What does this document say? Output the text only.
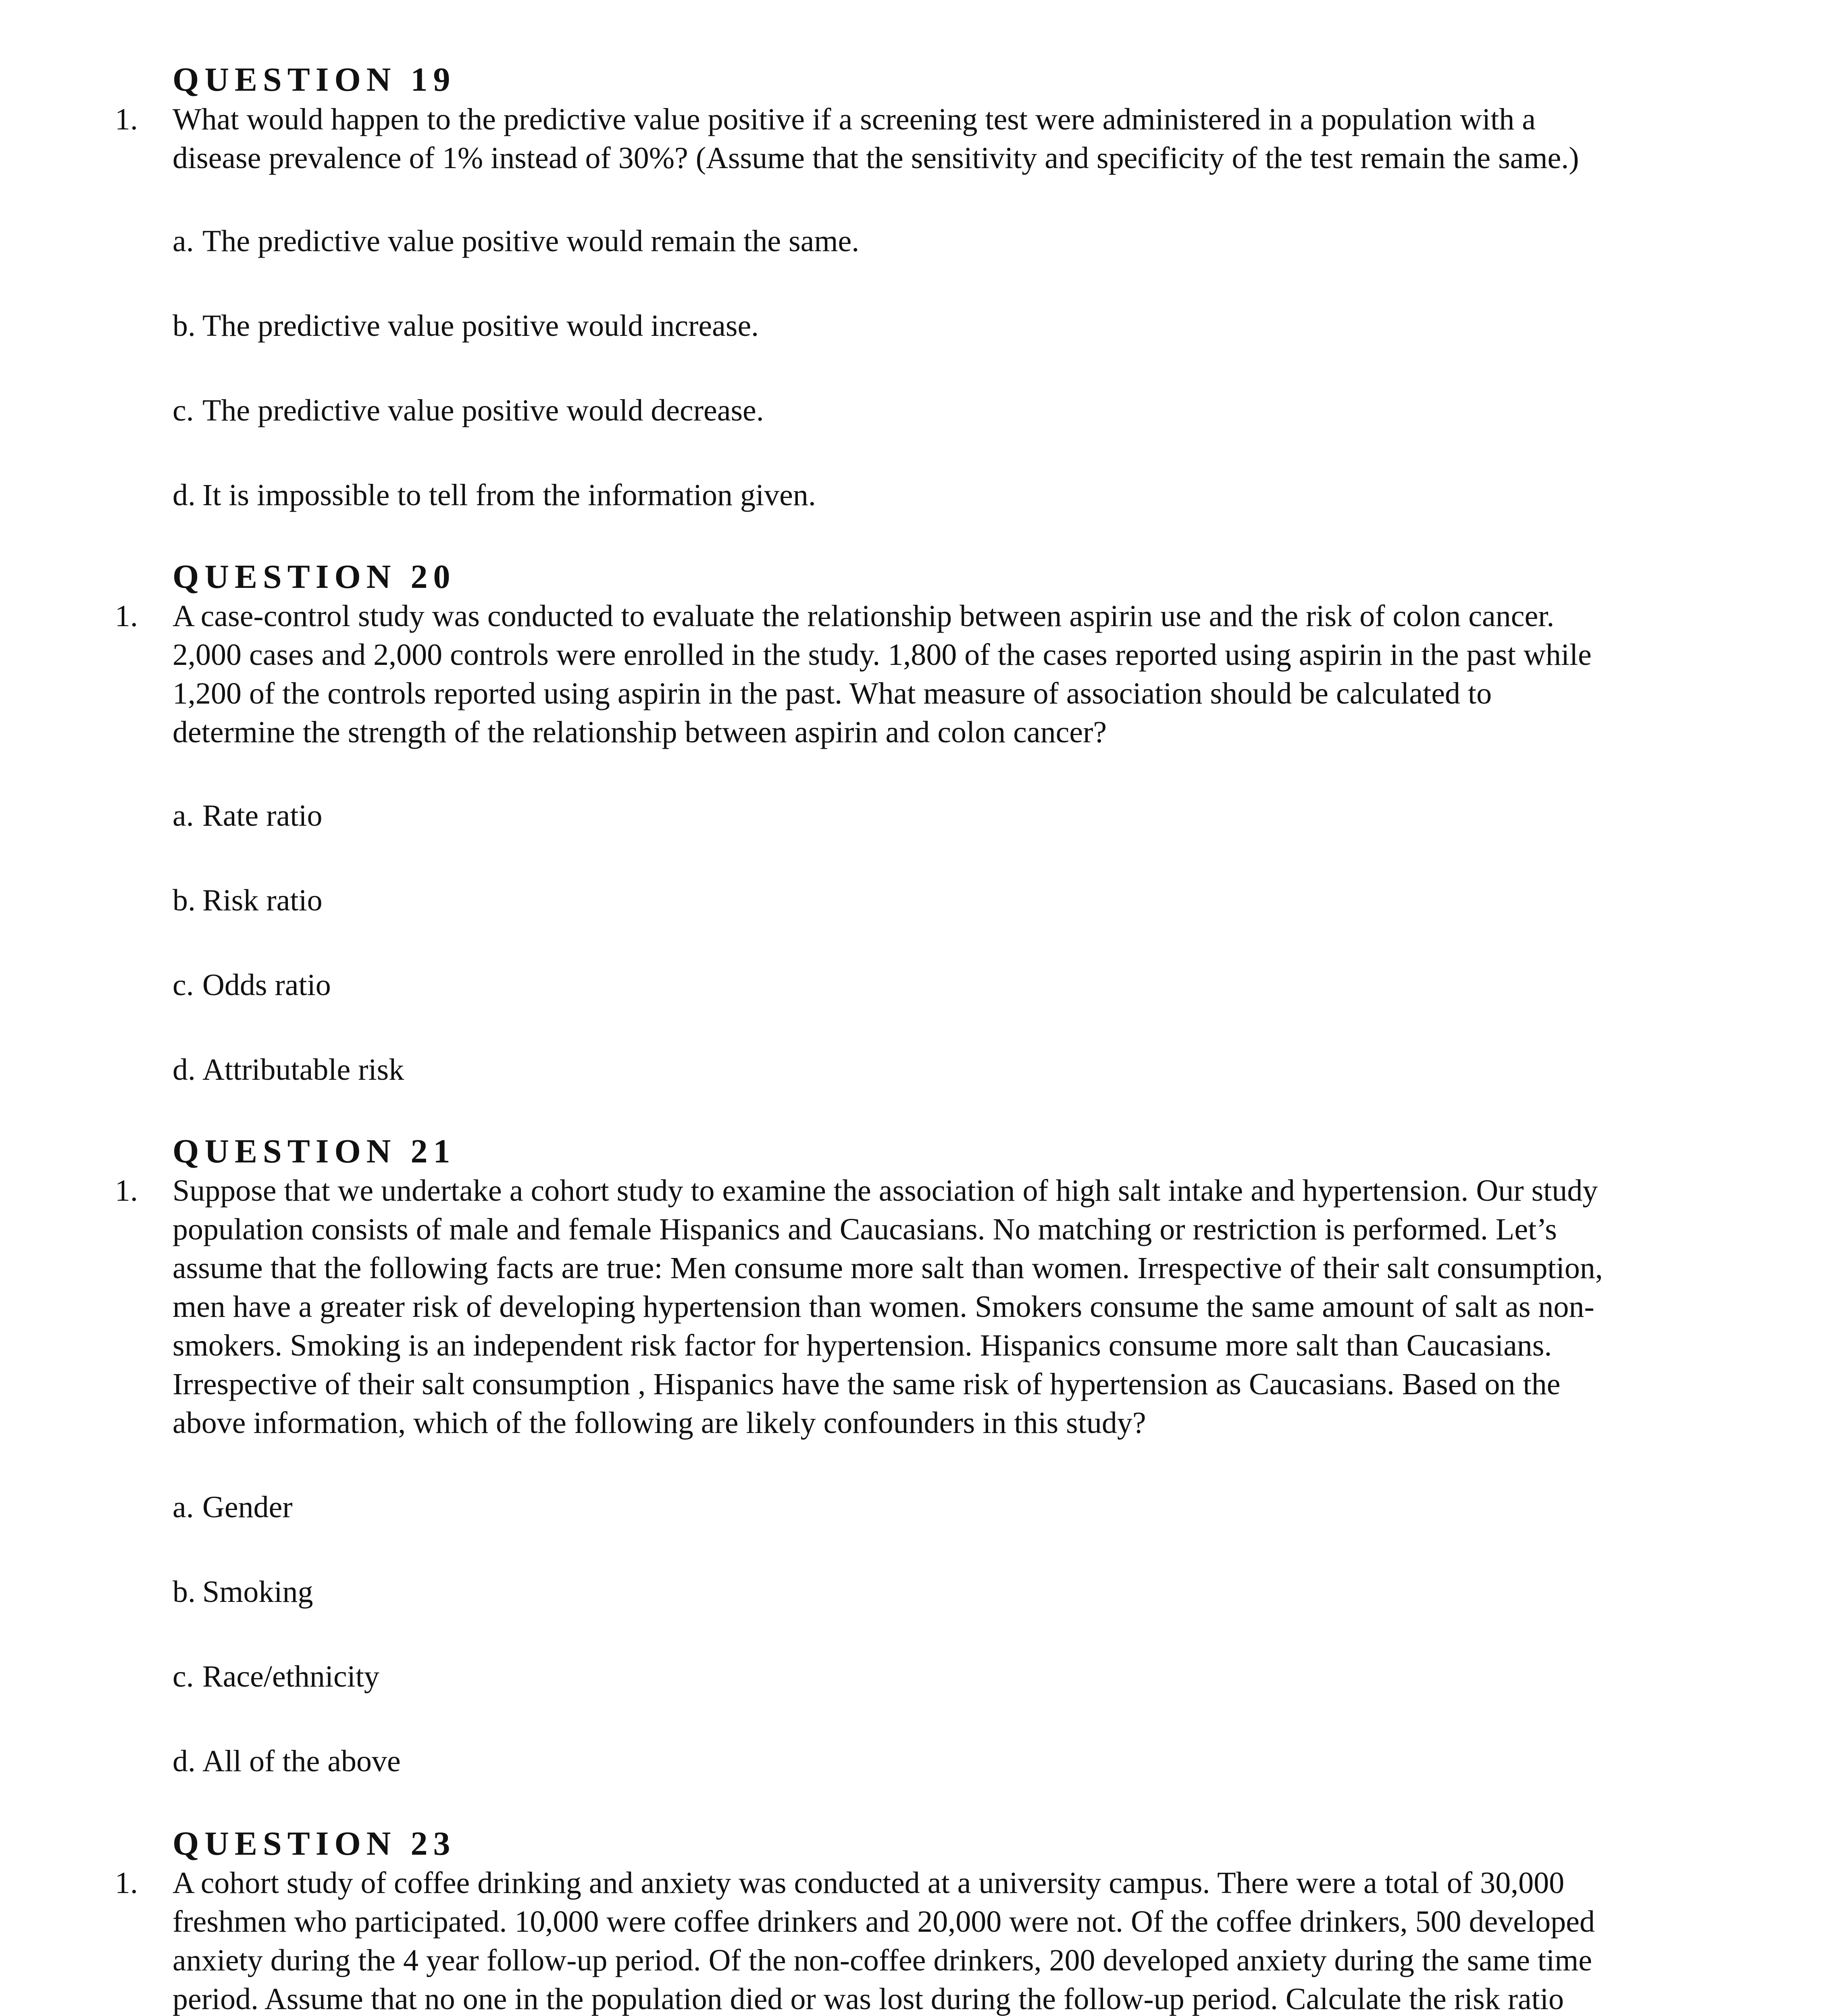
QUESTION 19
1. What would happen to the predictive value positive if a screening test were administered in a population with a
disease prevalence of 1% instead of 30%? (Assume that the sensitivity and specificity of the test remain the same.)
a. The predictive value positive would remain the same.
b. The predictive value positive would increase.
c. The predictive value positive would decrease.
d. It is impossible to tell from the information given.
QUESTION 20
1. A case-control study was conducted to evaluate the relationship between aspirin use and the risk of colon cancer.
2,000 cases and 2,000 controls were enrolled in the study. 1,800 of the cases reported using aspirin in the past while
1,200 of the controls reported using aspirin in the past. What measure of association should be calculated to
determine the strength of the relationship between aspirin and colon cancer?
a. Rate ratio
b. Risk ratio
c. Odds ratio
d. Attributable risk
QUESTION 21
1. Suppose that we undertake a cohort study to examine the association of high salt intake and hypertension. Our study
population consists of male and female Hispanics and Caucasians. No matching or restriction is performed. Let’s
assume that the following facts are true: Men consume more salt than women. Irrespective of their salt consumption,
men have a greater risk of developing hypertension than women. Smokers consume the same amount of salt as non-
smokers. Smoking is an independent risk factor for hypertension. Hispanics consume more salt than Caucasians.
Irrespective of their salt consumption , Hispanics have the same risk of hypertension as Caucasians. Based on the
above information, which of the following are likely confounders in this study?
a. Gender
b. Smoking
c. Race/ethnicity
d. All of the above
QUESTION 23
1. A cohort study of coffee drinking and anxiety was conducted at a university campus. There were a total of 30,000
freshmen who participated. 10,000 were coffee drinkers and 20,000 were not. Of the coffee drinkers, 500 developed
anxiety during the 4 year follow-up period. Of the non-coffee drinkers, 200 developed anxiety during the same time
period. Assume that no one in the population died or was lost during the follow-up period. Calculate the risk ratio
